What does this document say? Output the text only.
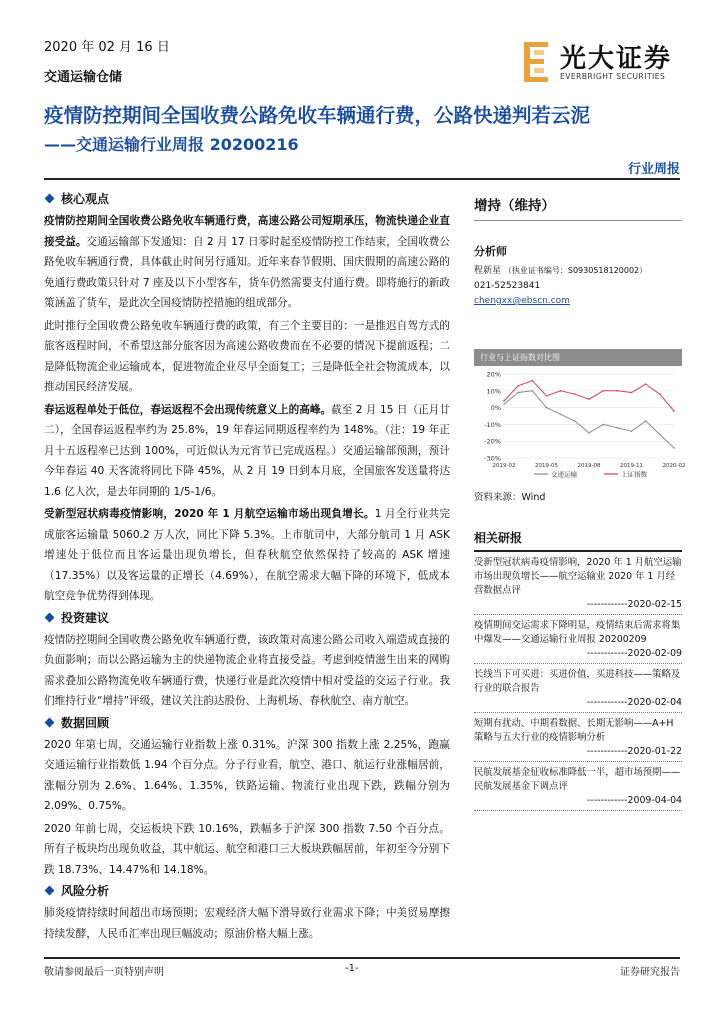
2020 年 02 月 16 日
交通运输仓储
光大证券
EVERBRIGHT SECURITIES
疫情防控期间全国收费公路免收车辆通行费，公路快递判若云泥
——交通运输行业周报 20200216
行业周报
核心观点

疫情防控期间全国收费公路免收车辆通行费，高速公路公司短期承压，物流快递企业直接受益。交通运输部下发通知：自 2 月 17 日零时起至疫情防控工作结束，全国收费公路免收车辆通行费，具体截止时间另行通知。近年来春节假期、国庆假期的高速公路的免通行费政策只针对 7 座及以下小型客车，货车仍然需要支付通行费。即将施行的新政策涵盖了货车，是此次全国疫情防控措施的组成部分。

此时推行全国收费公路免收车辆通行费的政策，有三个主要目的：一是推迟自驾方式的旅客返程时间，不希望这部分旅客因为高速公路收费而在不必要的情况下提前返程；二是降低物流企业运输成本，促进物流企业尽早全面复工；三是降低全社会物流成本，以推动国民经济发展。

春运返程单处于低位，春运返程不会出现传统意义上的高峰。截至 2 月 15 日（正月廿二），全国春运返程率约为 25.8%，19 年春运同期返程率约为 148%。（注：19 年正月十五返程率已达到 100%，可近似认为元宵节已完成返程。）交通运输部预测，预计今年春运 40 天客流将同比下降 45%，从 2 月 19 日到本月底，全国旅客发送量将达 1.6 亿人次，是去年同期的 1/5-1/6。

受新型冠状病毒疫情影响，2020 年 1 月航空运输市场出现負增长。1 月全行业共完成旅客运输量 5060.2 万人次，同比下降 5.3%。上市航司中，大部分航司 1 月 ASK 增速处于低位而且客运量出现负增长，但春秋航空依然保持了较高的 ASK 增速（17.35%）以及客运量的正增长（4.69%），在航空需求大幅下降的环境下，低成本航空竞争优势得到体现。

投资建议

疫情防控期间全国收费公路免收车辆通行费，该政策对高速公路公司收入端造成直接的负面影响；而以公路运输为主的快递物流企业将直接受益。考虑到疫情滋生出来的网购需求叠加公路物流免收车辆通行费，快递行业是此次疫情中相对受益的交运子行业。我们维持行业“增持”评级，建议关注韵达股份、上海机场、春秋航空、南方航空。

数据回顾

2020 年第七周，交通运输行业指数上涨 0.31%。沪深 300 指数上涨 2.25%，跑赢交通运输行业指数低 1.94 个百分点。分子行业看，航空、港口、航运行业涨幅居前，涨幅分别为 2.6%、1.64%、1.35%，铁路运输、物流行业出现下跌，跌幅分别为 2.09%、0.75%。

2020 年前七周，交运板块下跌 10.16%，跌幅多于沪深 300 指数 7.50 个百分点。所有子板块均出现负收益，其中航运、航空和港口三大板块跌幅居前，年初至今分别下跌 18.73%、14.47%和 14.18%。

风险分析

肺炎疫情持续时间超出市场预期；宏观经济大幅下滑导致行业需求下降；中美贸易摩擦持续发酵，人民币汇率出现巨幅波动；原油价格大幅上涨。

增持（维持）
分析师
程新星 （执业证书编号：S0930518120002）
021-52523841
chengxx@ebscn.com
行业与上证指数对比图
20%
10%
0%
-10%
-20%
-30%
2019-02	2019-05	2019-08	2019-11	2020-02
交通运输	上证指数
资料来源：Wind
相关研报
受新型冠状病毒疫情影响，2020 年 1 月航空运输市场出现负增长——航空运输业 2020 年 1 月经营数据点评
------------2020-02-15
疫情期间交运需求下降明显，疫情结束后需求将集中爆发——交通运输行业周报 20200209
------------2020-02-09
长线当下可买进：买进价值，买进科技——策略及行业的联合报告
------------2020-02-04
短期有扰动、中期看数据、长期无影响——A+H 策略与五大行业的疫情影响分析
------------2020-01-22
民航发展基金征收标准降低一半，超市场预期——民航发展基金下调点评
------------2009-04-04
敬请参阅最后一页特别声明	-1-	证券研究报告
